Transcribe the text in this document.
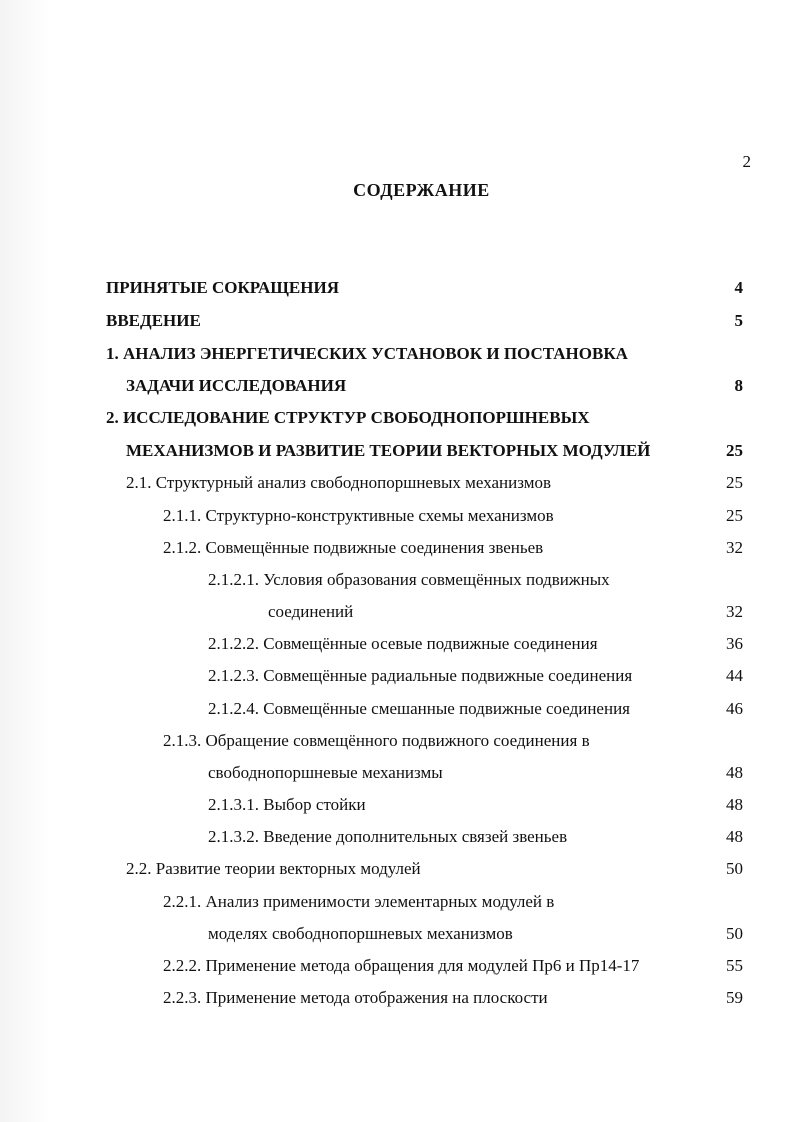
2
СОДЕРЖАНИЕ
ПРИНЯТЫЕ СОКРАЩЕНИЯ	4
ВВЕДЕНИЕ	5
1. АНАЛИЗ ЭНЕРГЕТИЧЕСКИХ УСТАНОВОК И ПОСТАНОВКА
ЗАДАЧИ ИССЛЕДОВАНИЯ	8
2. ИССЛЕДОВАНИЕ СТРУКТУР СВОБОДНОПОРШНЕВЫХ
МЕХАНИЗМОВ И РАЗВИТИЕ ТЕОРИИ ВЕКТОРНЫХ МОДУЛЕЙ	25
2.1. Структурный анализ свободнопоршневых механизмов	25
2.1.1. Структурно-конструктивные схемы механизмов	25
2.1.2. Совмещённые подвижные соединения звеньев	32
2.1.2.1. Условия образования совмещённых подвижных
соединений	32
2.1.2.2. Совмещённые осевые подвижные соединения	36
2.1.2.3. Совмещённые радиальные подвижные соединения	44
2.1.2.4. Совмещённые смешанные подвижные соединения	46
2.1.3. Обращение совмещённого подвижного соединения в
свободнопоршневые механизмы	48
2.1.3.1. Выбор стойки	48
2.1.3.2. Введение дополнительных связей звеньев	48
2.2. Развитие теории векторных модулей	50
2.2.1. Анализ применимости элементарных модулей в
моделях свободнопоршневых механизмов	50
2.2.2. Применение метода обращения для модулей Пр6 и Пр14-17	55
2.2.3. Применение метода отображения на плоскости	59
